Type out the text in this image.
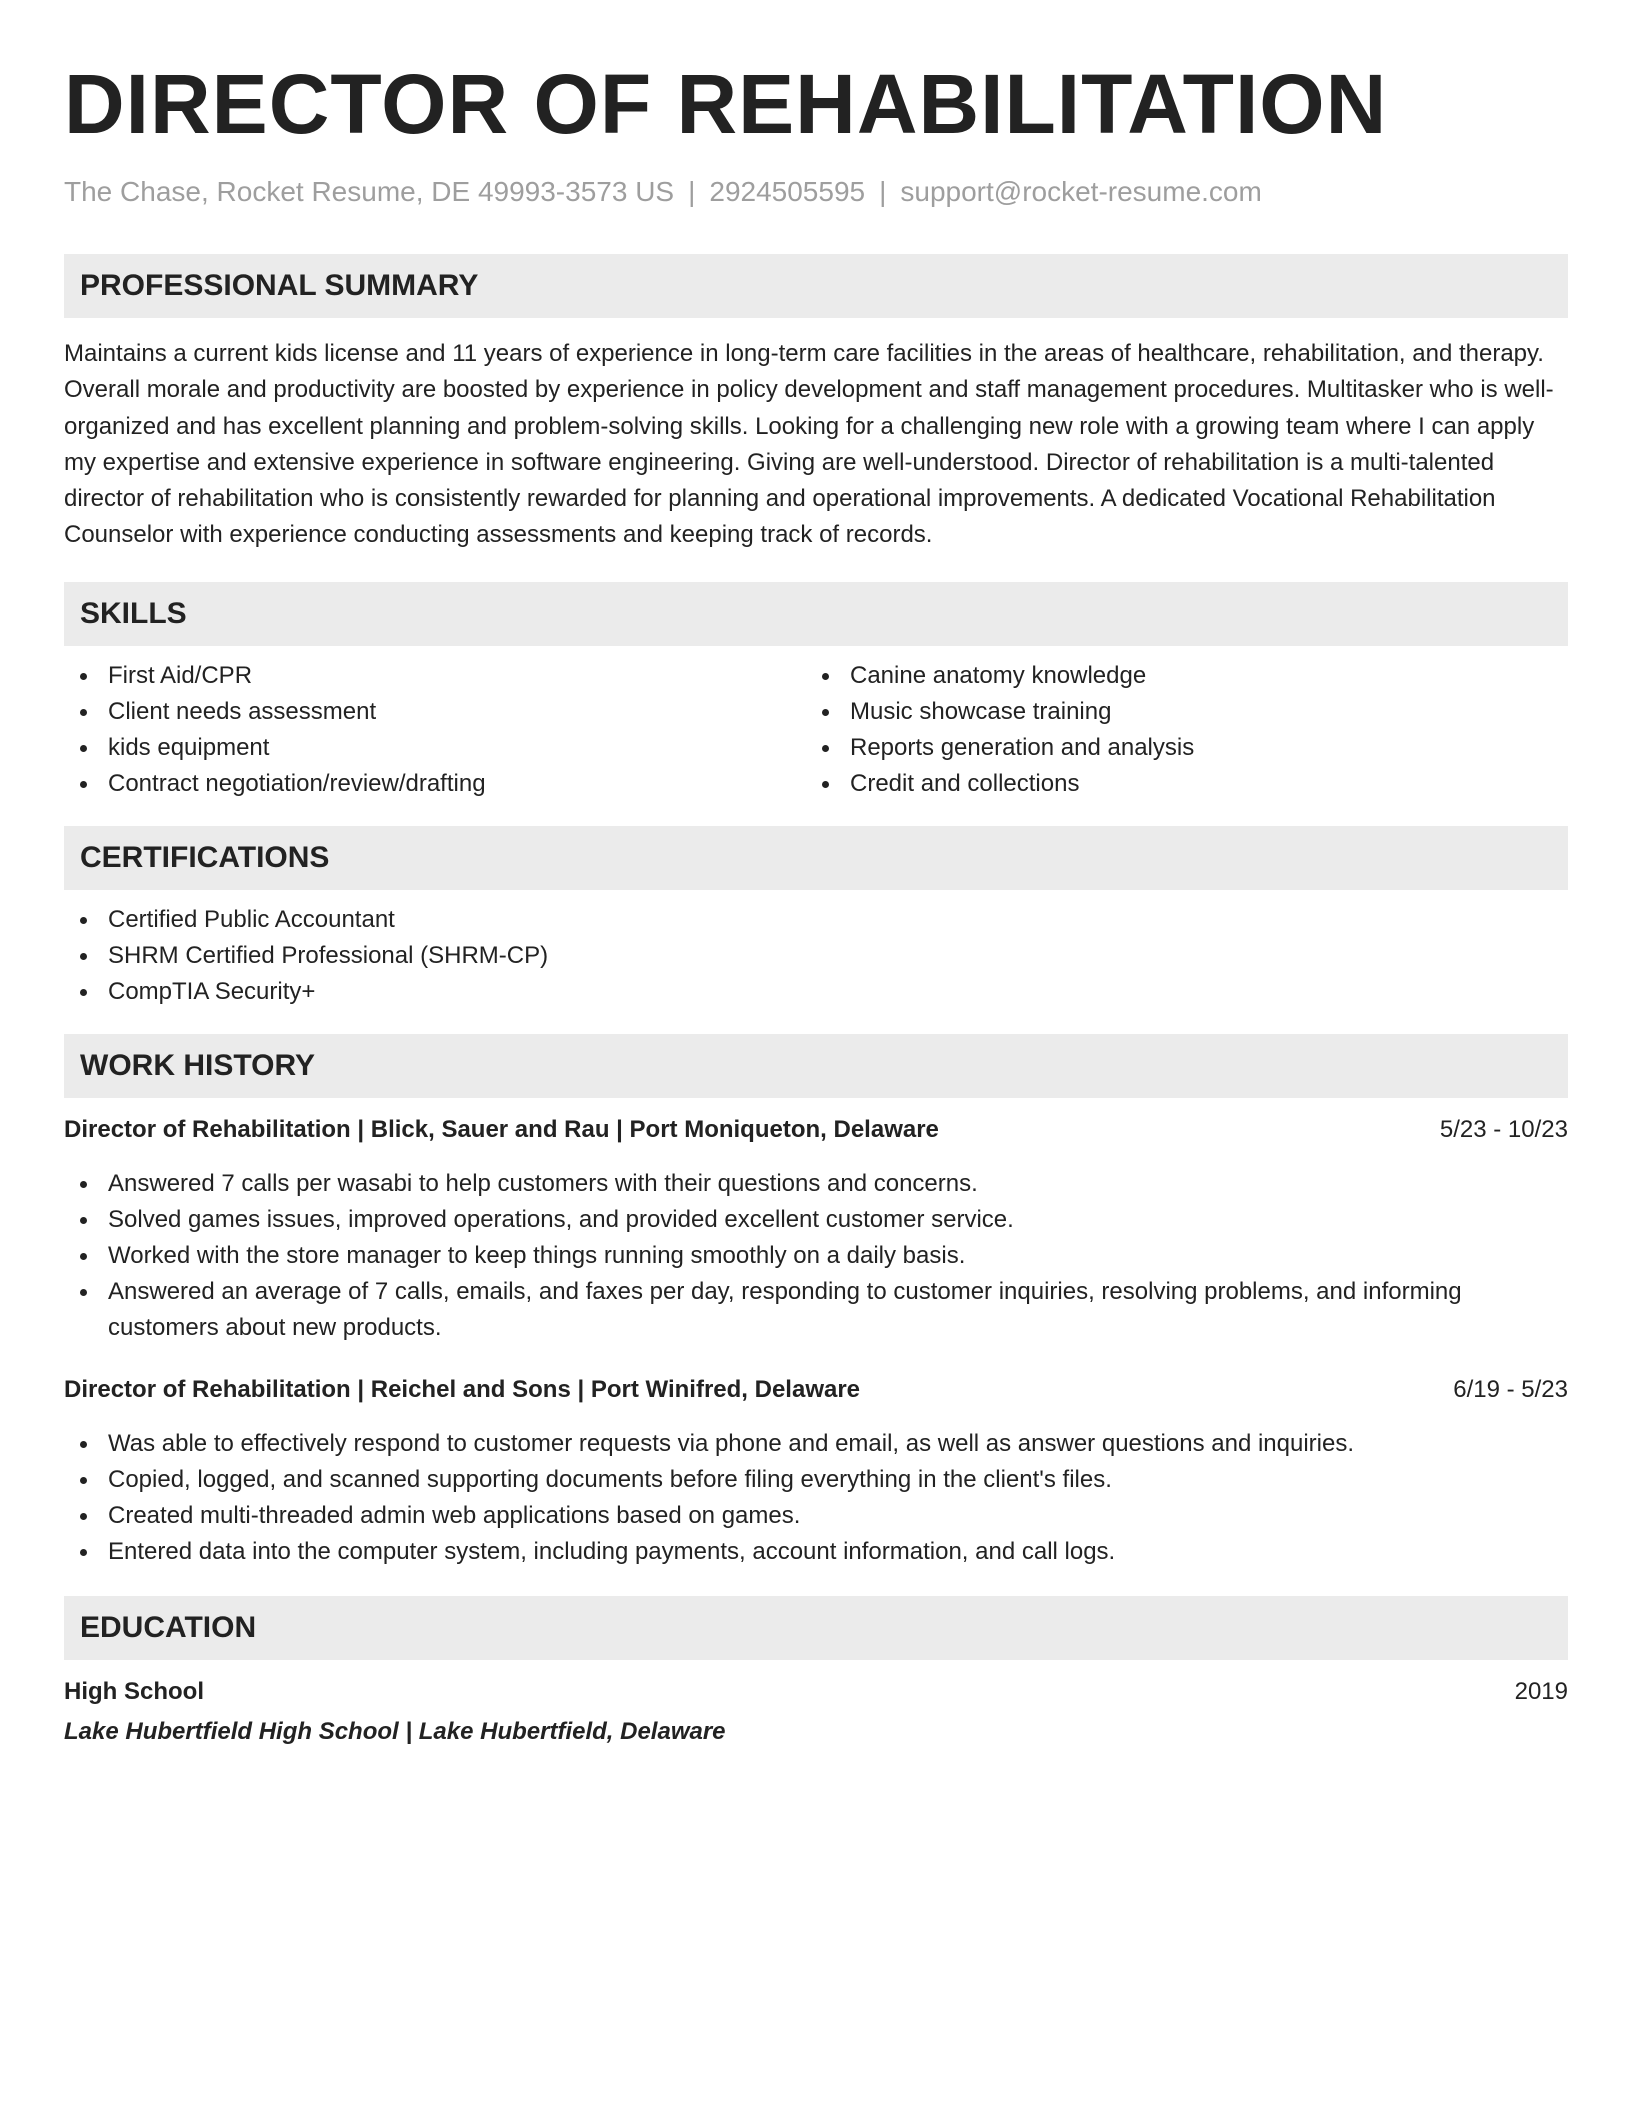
DIRECTOR OF REHABILITATION
The Chase, Rocket Resume, DE 49993-3573 US | 2924505595 | support@rocket-resume.com
PROFESSIONAL SUMMARY

Maintains a current kids license and 11 years of experience in long-term care facilities in the areas of healthcare, rehabilitation, and therapy. Overall morale and productivity are boosted by experience in policy development and staff management procedures. Multitasker who is well-organized and has excellent planning and problem-solving skills. Looking for a challenging new role with a growing team where I can apply my expertise and extensive experience in software engineering. Giving are well-understood. Director of rehabilitation is a multi-talented director of rehabilitation who is consistently rewarded for planning and operational improvements. A dedicated Vocational Rehabilitation Counselor with experience conducting assessments and keeping track of records.

SKILLS
First Aid/CPR
Client needs assessment
kids equipment
Contract negotiation/review/drafting
Canine anatomy knowledge
Music showcase training
Reports generation and analysis
Credit and collections
CERTIFICATIONS
Certified Public Accountant
SHRM Certified Professional (SHRM-CP)
CompTIA Security+
WORK HISTORY
Director of Rehabilitation | Blick, Sauer and Rau | Port Moniqueton, Delaware	5/23 - 10/23
Answered 7 calls per wasabi to help customers with their questions and concerns.
Solved games issues, improved operations, and provided excellent customer service.
Worked with the store manager to keep things running smoothly on a daily basis.
Answered an average of 7 calls, emails, and faxes per day, responding to customer inquiries, resolving problems, and informing customers about new products.
Director of Rehabilitation | Reichel and Sons | Port Winifred, Delaware	6/19 - 5/23
Was able to effectively respond to customer requests via phone and email, as well as answer questions and inquiries.
Copied, logged, and scanned supporting documents before filing everything in the client's files.
Created multi-threaded admin web applications based on games.
Entered data into the computer system, including payments, account information, and call logs.
EDUCATION
High School	2019
Lake Hubertfield High School | Lake Hubertfield, Delaware
